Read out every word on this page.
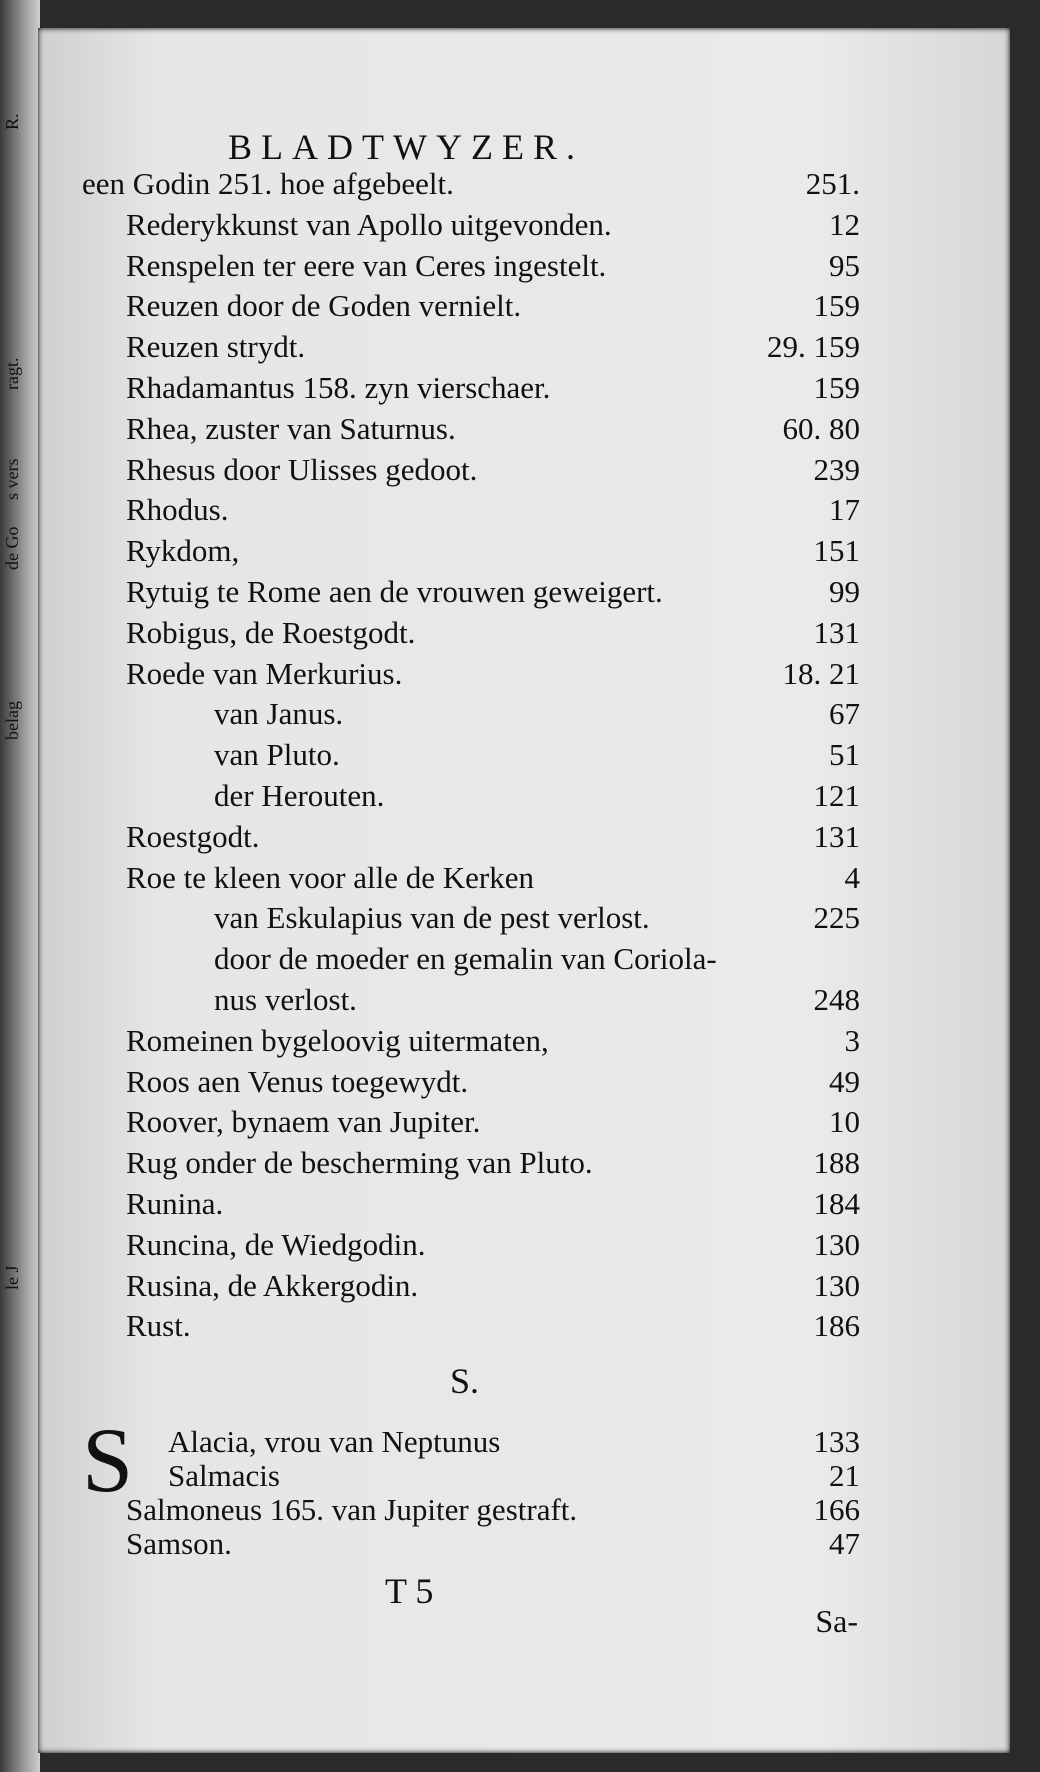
BLADTWYZER.
een Godin 251. hoe afgebeelt.	251.
Rederykkunst van Apollo uitgevonden.	12
Renspelen ter eere van Ceres ingestelt.	95
Reuzen door de Goden vernielt.	159
Reuzen strydt.	29. 159
Rhadamantus 158. zyn vierschaer.	159
Rhea, zuster van Saturnus.	60. 80
Rhesus door Ulisses gedoot.	239
Rhodus.	17
Rykdom,	151
Rytuig te Rome aen de vrouwen geweigert.	99
Robigus, de Roestgodt.	131
Roede van Merkurius.	18. 21
van Janus.	67
van Pluto.	51
der Herouten.	121
Roestgodt.	131
Roe te kleen voor alle de Kerken	4
van Eskulapius van de pest verlost.	225
door de moeder en gemalin van Coriola-
nus verlost.	248
Romeinen bygeloovig uitermaten,	3
Roos aen Venus toegewydt.	49
Roover, bynaem van Jupiter.	10
Rug onder de bescherming van Pluto.	188
Runina.	184
Runcina, de Wiedgodin.	130
Rusina, de Akkergodin.	130
Rust.	186
S.
S Alacia, vrou van Neptunus	133
Salmacis	21
Salmoneus 165. van Jupiter gestraft.	166
Samson.	47
T 5
Sa-
R.
ragt.
s vers
de Go
belag
le J
